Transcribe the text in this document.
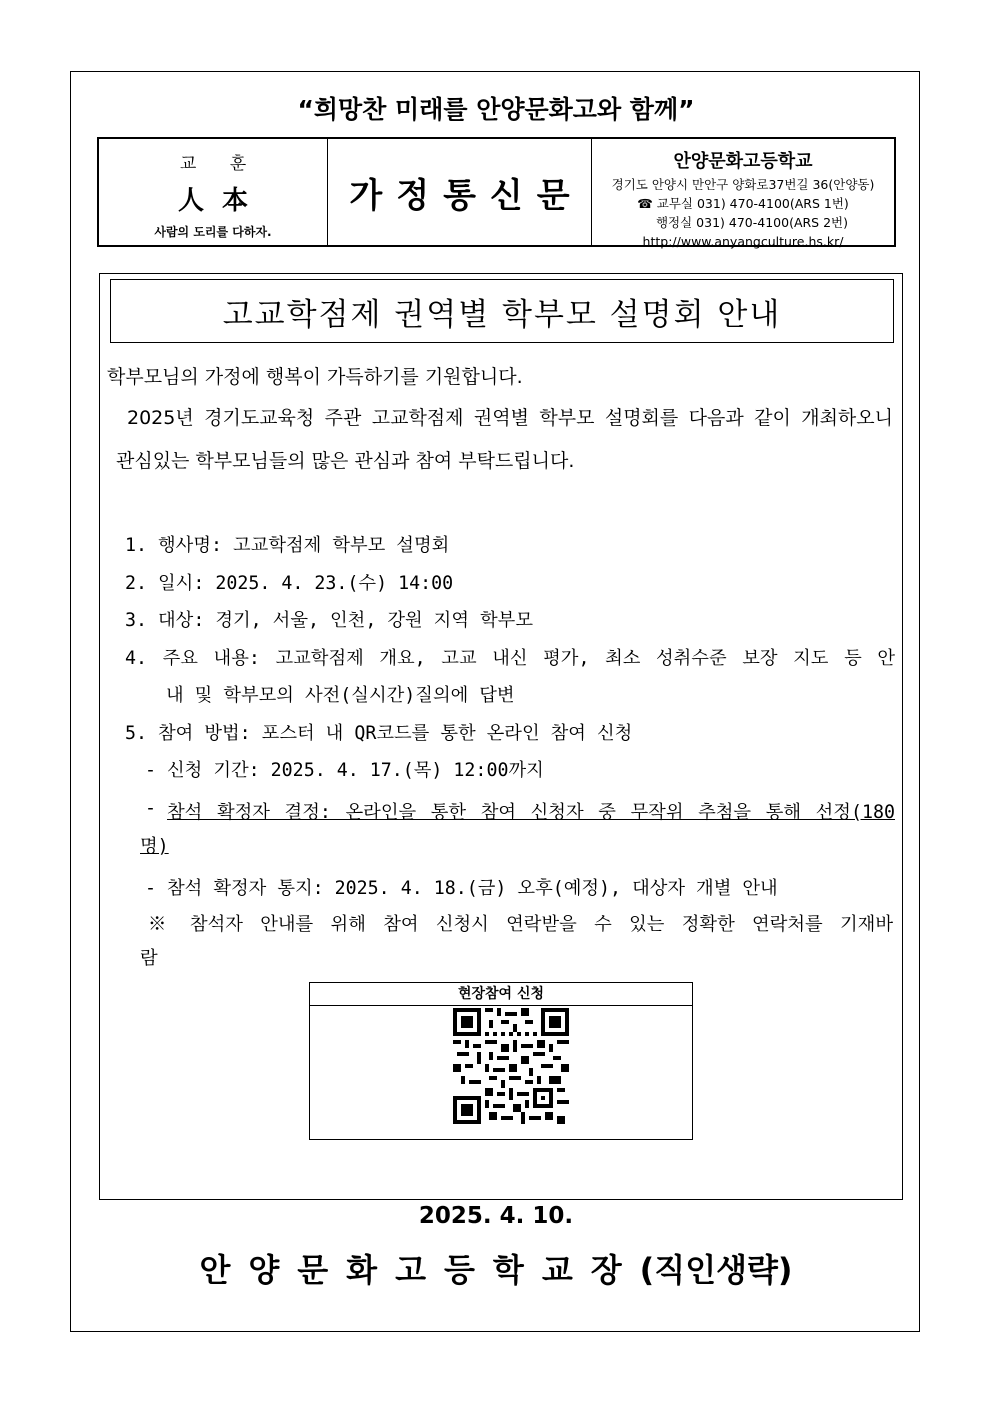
“희망찬 미래를 안양문화고와 함께”
교 훈
人本
사람의 도리를 다하자.
가정통신문
안양문화고등학교
경기도 안양시 만안구 양화로37번길 36(안양동)
☎ 교무실 031) 470-4100(ARS 1번)
행정실 031) 470-4100(ARS 2번)
http://www.anyangculture.hs.kr/
고교학점제 권역별 학부모 설명회 안내
학부모님의 가정에 행복이 가득하기를 기원합니다.
2025년 경기도교육청 주관 고교학점제 권역별 학부모 설명회를 다음과 같이 개최하오니
관심있는 학부모님들의 많은 관심과 참여 부탁드립니다.
1. 행사명: 고교학점제 학부모 설명회
2. 일시: 2025. 4. 23.(수) 14:00
3. 대상: 경기, 서울, 인천, 강원 지역 학부모
4. 주요 내용: 고교학점제 개요, 고교 내신 평가, 최소 성취수준 보장 지도 등 안
내 및 학부모의 사전(실시간)질의에 답변
5. 참여 방법: 포스터 내 QR코드를 통한 온라인 참여 신청
- 신청 기간: 2025. 4. 17.(목) 12:00까지
- 참석 확정자 결정: 온라인을 통한 참여 신청자 중 무작위 추첨을 통해 선정(180
명)
- 참석 확정자 통지: 2025. 4. 18.(금) 오후(예정), 대상자 개별 안내
※ 참석자 안내를 위해 참여 신청시 연락받을 수 있는 정확한 연락처를 기재바
람
현장참여 신청
2025. 4. 10.
안양문화고등학교장(직인생략)
